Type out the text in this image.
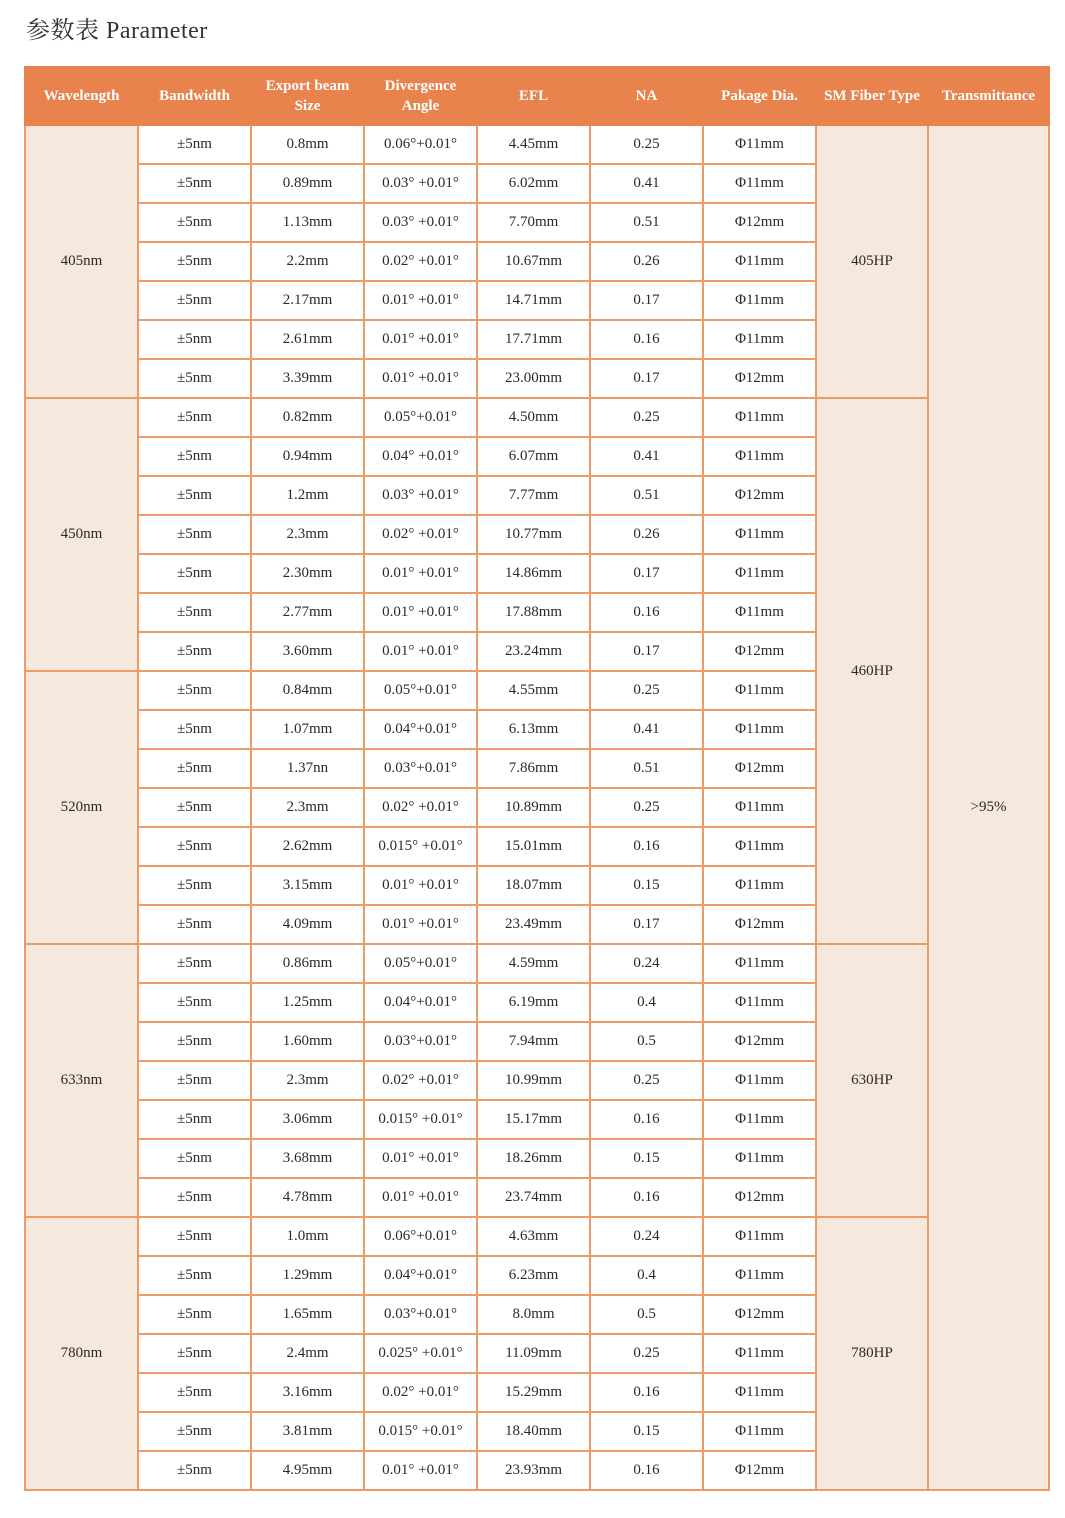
参数表 Parameter
Wavelength	Bandwidth	Export beam Size	Divergence Angle	EFL	NA	Pakage Dia.	SM Fiber Type	Transmittance
405nm	±5nm	0.8mm	0.06°+0.01°	4.45mm	0.25	Φ11mm	405HP	>95%
	±5nm	0.89mm	0.03° +0.01°	6.02mm	0.41	Φ11mm		
	±5nm	1.13mm	0.03° +0.01°	7.70mm	0.51	Φ12mm		
	±5nm	2.2mm	0.02° +0.01°	10.67mm	0.26	Φ11mm		
	±5nm	2.17mm	0.01° +0.01°	14.71mm	0.17	Φ11mm		
	±5nm	2.61mm	0.01° +0.01°	17.71mm	0.16	Φ11mm		
	±5nm	3.39mm	0.01° +0.01°	23.00mm	0.17	Φ12mm		
450nm	±5nm	0.82mm	0.05°+0.01°	4.50mm	0.25	Φ11mm	460HP	
	±5nm	0.94mm	0.04° +0.01°	6.07mm	0.41	Φ11mm		
	±5nm	1.2mm	0.03° +0.01°	7.77mm	0.51	Φ12mm		
	±5nm	2.3mm	0.02° +0.01°	10.77mm	0.26	Φ11mm		
	±5nm	2.30mm	0.01° +0.01°	14.86mm	0.17	Φ11mm		
	±5nm	2.77mm	0.01° +0.01°	17.88mm	0.16	Φ11mm		
	±5nm	3.60mm	0.01° +0.01°	23.24mm	0.17	Φ12mm		
520nm	±5nm	0.84mm	0.05°+0.01°	4.55mm	0.25	Φ11mm		
	±5nm	1.07mm	0.04°+0.01°	6.13mm	0.41	Φ11mm		
	±5nm	1.37nn	0.03°+0.01°	7.86mm	0.51	Φ12mm		
	±5nm	2.3mm	0.02° +0.01°	10.89mm	0.25	Φ11mm		
	±5nm	2.62mm	0.015° +0.01°	15.01mm	0.16	Φ11mm		
	±5nm	3.15mm	0.01° +0.01°	18.07mm	0.15	Φ11mm		
	±5nm	4.09mm	0.01° +0.01°	23.49mm	0.17	Φ12mm		
633nm	±5nm	0.86mm	0.05°+0.01°	4.59mm	0.24	Φ11mm	630HP	
	±5nm	1.25mm	0.04°+0.01°	6.19mm	0.4	Φ11mm		
	±5nm	1.60mm	0.03°+0.01°	7.94mm	0.5	Φ12mm		
	±5nm	2.3mm	0.02° +0.01°	10.99mm	0.25	Φ11mm		
	±5nm	3.06mm	0.015° +0.01°	15.17mm	0.16	Φ11mm		
	±5nm	3.68mm	0.01° +0.01°	18.26mm	0.15	Φ11mm		
	±5nm	4.78mm	0.01° +0.01°	23.74mm	0.16	Φ12mm		
780nm	±5nm	1.0mm	0.06°+0.01°	4.63mm	0.24	Φ11mm	780HP	
	±5nm	1.29mm	0.04°+0.01°	6.23mm	0.4	Φ11mm		
	±5nm	1.65mm	0.03°+0.01°	8.0mm	0.5	Φ12mm		
	±5nm	2.4mm	0.025° +0.01°	11.09mm	0.25	Φ11mm		
	±5nm	3.16mm	0.02° +0.01°	15.29mm	0.16	Φ11mm		
	±5nm	3.81mm	0.015° +0.01°	18.40mm	0.15	Φ11mm		
	±5nm	4.95mm	0.01° +0.01°	23.93mm	0.16	Φ12mm		
